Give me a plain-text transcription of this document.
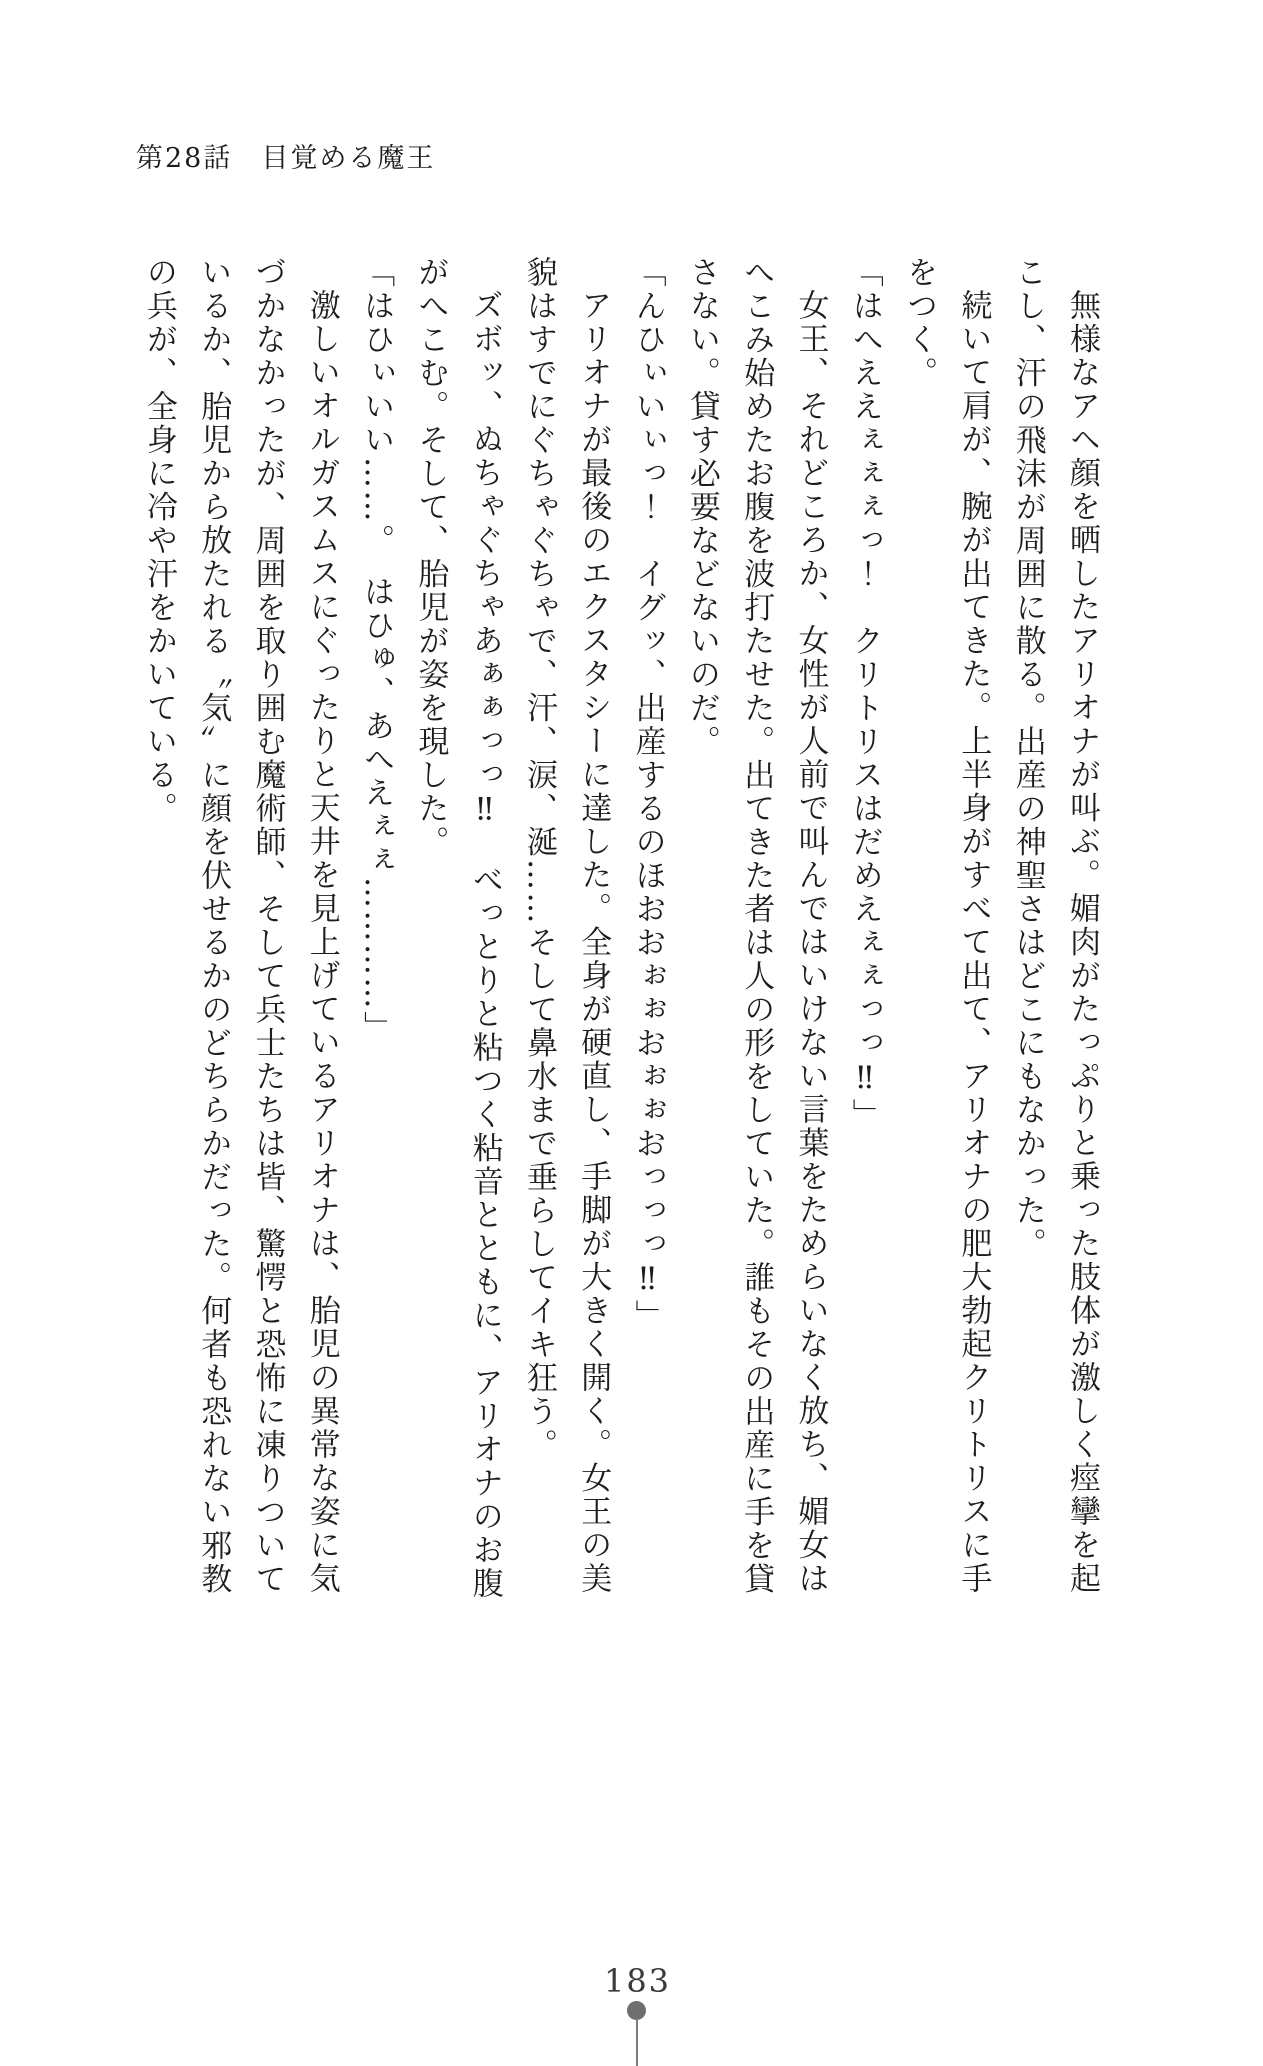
第28話　目覚める魔王
無様なアヘ顔を晒したアリオナが叫ぶ。媚肉がたっぷりと乗った肢体が激しく痙攣を起
こし、汗の飛沫が周囲に散る。出産の神聖さはどこにもなかった。
続いて肩が、腕が出てきた。上半身がすべて出て、アリオナの肥大勃起クリトリスに手
をつく。
「はへええぇぇぇっ！　クリトリスはだめえぇぇっっ‼」
女王、それどころか、女性が人前で叫んではいけない言葉をためらいなく放ち、媚女は
へこみ始めたお腹を波打たせた。出てきた者は人の形をしていた。誰もその出産に手を貸
さない。貸す必要などないのだ。
「んひぃいぃっ！　イグッ、出産するのほおおぉぉおぉぉおっっっ‼」
アリオナが最後のエクスタシーに達した。全身が硬直し、手脚が大きく開く。女王の美
貌はすでにぐちゃぐちゃで、汗、涙、涎……そして鼻水まで垂らしてイキ狂う。
ズボッ、ぬちゃぐちゃあぁぁっっ‼　べっとりと粘つく粘音とともに、アリオナのお腹
がへこむ。そして、胎児が姿を現した。
「はひぃいい……。　はひゅ、あへえぇぇ…………」
激しいオルガスムスにぐったりと天井を見上げているアリオナは、胎児の異常な姿に気
づかなかったが、周囲を取り囲む魔術師、そして兵士たちは皆、驚愕と恐怖に凍りついて
いるか、胎児から放たれる〝気〟に顔を伏せるかのどちらかだった。何者も恐れない邪教
の兵が、全身に冷や汗をかいている。
183
